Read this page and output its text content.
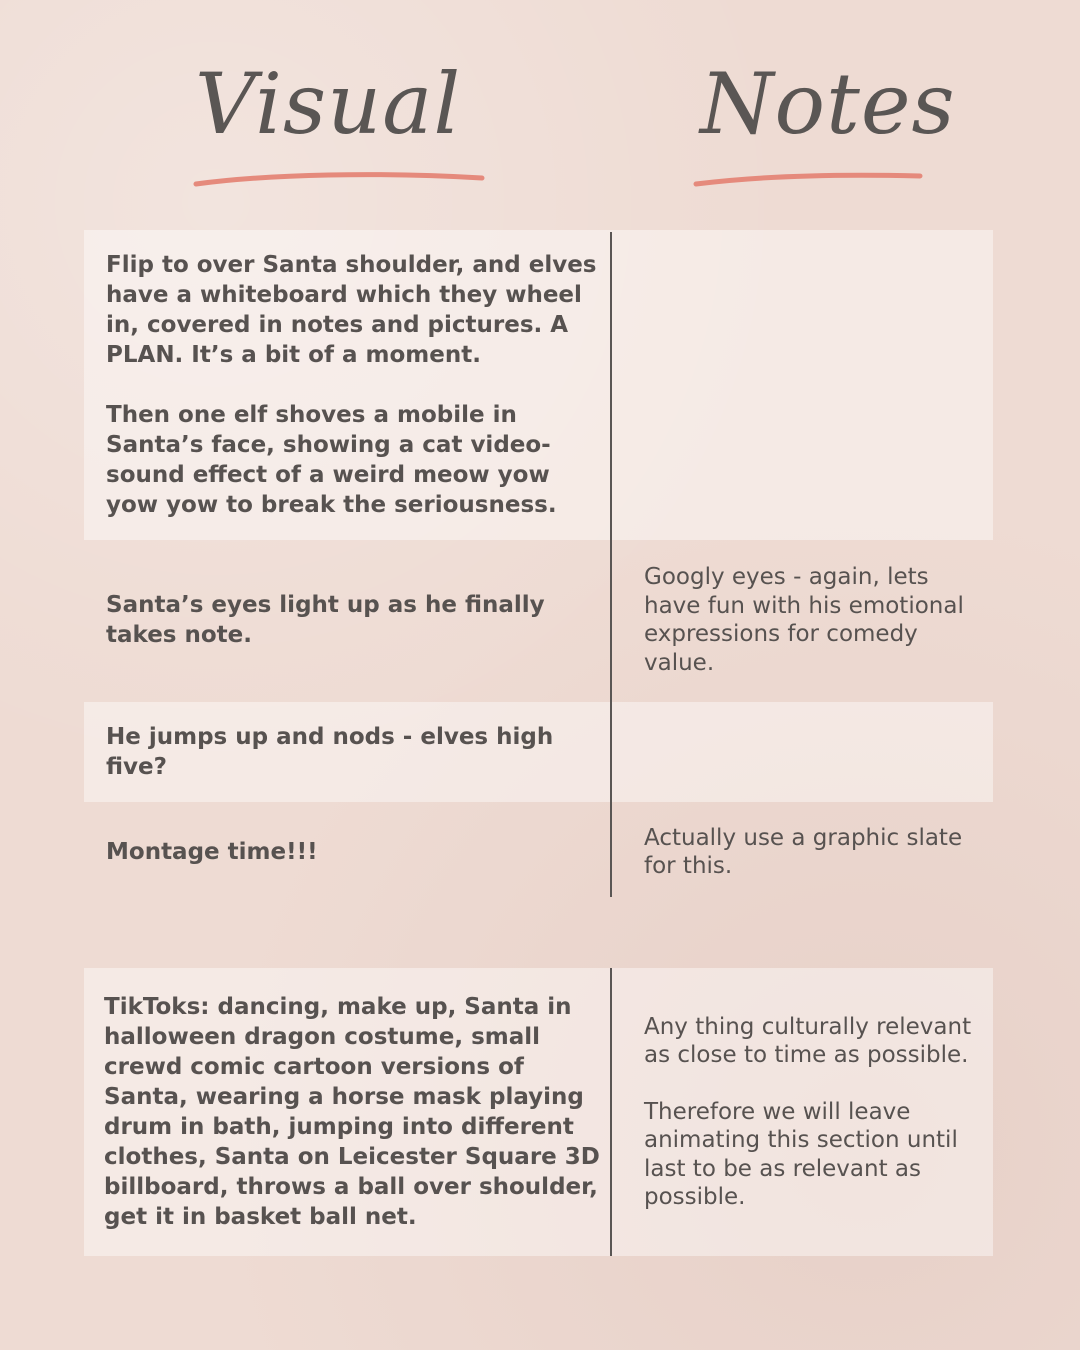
Visual	Notes

Flip to over Santa shoulder, and elves have a whiteboard which they wheel in, covered in notes and pictures. A PLAN. It’s a bit of a moment.

Then one elf shoves a mobile in Santa’s face, showing a cat video- sound effect of a weird meow yow yow yow to break the seriousness.

Santa’s eyes light up as he finally takes note.

Googly eyes - again, lets have fun with his emotional expressions for comedy value.

He jumps up and nods - elves high five?

Montage time!!!

Actually use a graphic slate for this.

TikToks: dancing, make up, Santa in halloween dragon costume, small crewd comic cartoon versions of Santa, wearing a horse mask playing drum in bath, jumping into different clothes, Santa on Leicester Square 3D billboard, throws a ball over shoulder, get it in basket ball net.

Any thing culturally relevant as close to time as possible.

Therefore we will leave animating this section until last to be as relevant as possible.
